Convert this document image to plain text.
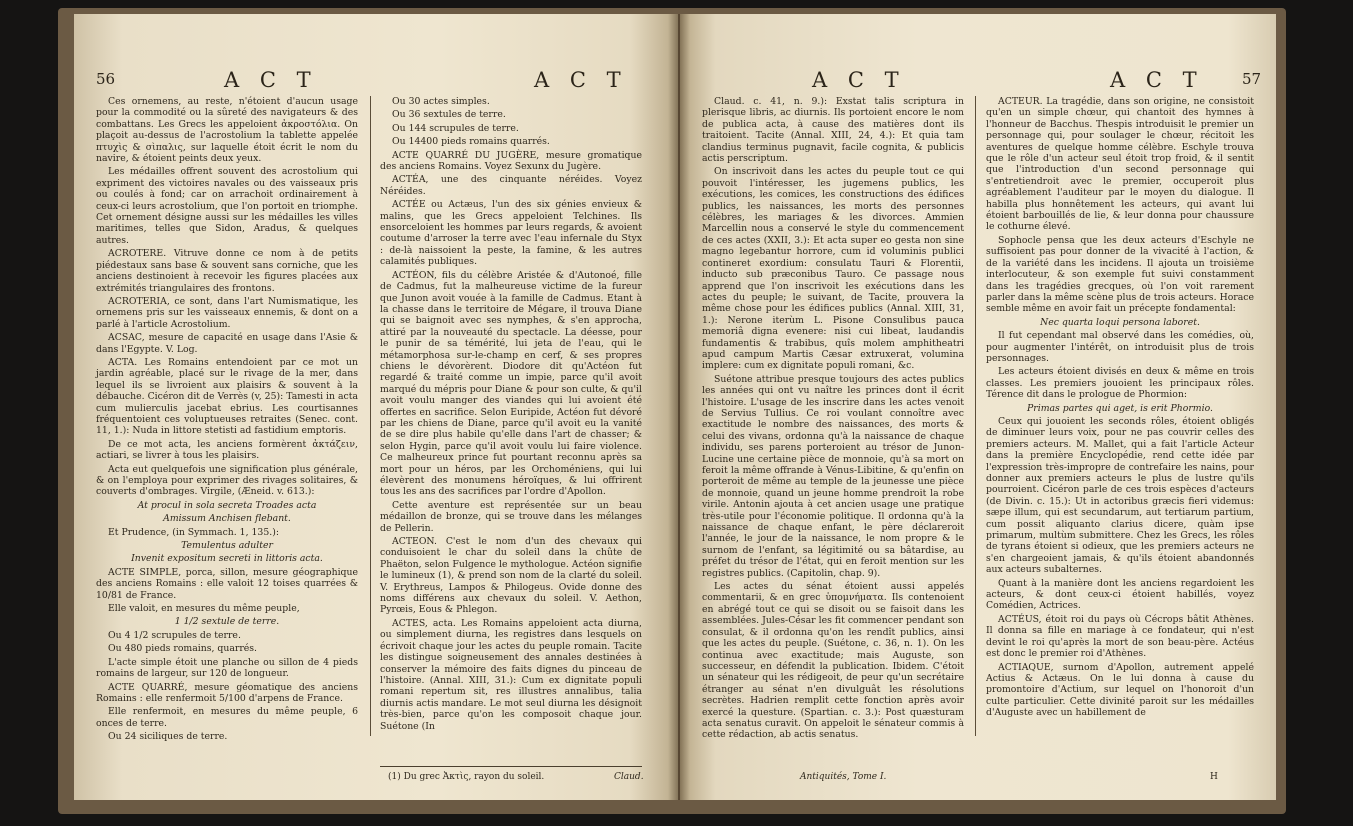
56	A C T	A C T

Ces ornemens, au reste, n'étoient d'aucun usage pour la commodité ou la sûreté des navigateurs & des combattans. Les Grecs les appeloient ἀκροστόλια. On plaçoit au-dessus de l'acrostolium la tablette appelée πτυχὶς & σὶπαλις, sur laquelle étoit écrit le nom du navire, & étoient peints deux yeux.

Les médailles offrent souvent des acrostolium qui expriment des victoires navales ou des vaisseaux pris ou coulés à fond; car on arrachoit ordinairement à ceux-ci leurs acrostolium, que l'on portoit en triomphe. Cet ornement désigne aussi sur les médailles les villes maritimes, telles que Sidon, Aradus, & quelques autres.

ACROTERE. Vitruve donne ce nom à de petits piédestaux sans base & souvent sans corniche, que les anciens destinoient à recevoir les figures placées aux extrémités triangulaires des frontons.

ACROTERIA, ce sont, dans l'art Numismatique, les ornemens pris sur les vaisseaux ennemis, & dont on a parlé à l'article Acrostolium.

ACSAC, mesure de capacité en usage dans l'Asie & dans l'Egypte. V. Log.

ACTA. Les Romains entendoient par ce mot un jardin agréable, placé sur le rivage de la mer, dans lequel ils se livroient aux plaisirs & souvent à la débauche. Cicéron dit de Verrès (v, 25): Tamesti in acta cum mulierculis jacebat ebrius. Les courtisannes fréquentoient ces voluptueuses retraites (Senec. cont. 11, 1.): Nuda in littore stetisti ad fastidium emptoris.

De ce mot acta, les anciens formèrent ἀκτάζειν, actiari, se livrer à tous les plaisirs.

Acta eut quelquefois une signification plus générale, & on l'employa pour exprimer des rivages solitaires, & couverts d'ombrages. Virgile, (Æneid. v. 613.):

At procul in sola secreta Troades acta

Amissum Anchisen flebant.

Et Prudence, (in Symmach. 1, 135.):

Temulentus adulter

Invenit expositum secreti in littoris acta.

ACTE SIMPLE, porca, sillon, mesure géographique des anciens Romains : elle valoit 12 toises quarrées & 10/81 de France.

Elle valoit, en mesures du même peuple,

1 1/2 sextule de terre.

Ou 4 1/2 scrupules de terre.

Ou 480 pieds romains, quarrés.

L'acte simple étoit une planche ou sillon de 4 pieds romains de largeur, sur 120 de longueur.

ACTE QUARRÉ, mesure géomatique des anciens Romains : elle renfermoit 5/100 d'arpens de France.

Elle renfermoit, en mesures du même peuple, 6 onces de terre.

Ou 24 siciliques de terre.

Ou 30 actes simples.

Ou 36 sextules de terre.

Ou 144 scrupules de terre.

Ou 14400 pieds romains quarrés.

ACTE QUARRÉ DU JUGÈRE, mesure gromatique des anciens Romains. Voyez Sexunx du Jugère.

ACTÉA, une des cinquante néréides. Voyez Néréides.

ACTÉE ou Actæus, l'un des six génies envieux & malins, que les Grecs appeloient Telchines. Ils ensorceloient les hommes par leurs regards, & avoient coutume d'arroser la terre avec l'eau infernale du Styx : de-là naissoient la peste, la famine, & les autres calamités publiques.

ACTÉON, fils du célèbre Aristée & d'Autonoé, fille de Cadmus, fut la malheureuse victime de la fureur que Junon avoit vouée à la famille de Cadmus. Etant à la chasse dans le territoire de Mégare, il trouva Diane qui se baignoit avec ses nymphes, & s'en approcha, attiré par la nouveauté du spectacle. La déesse, pour le punir de sa témérité, lui jeta de l'eau, qui le métamorphosa sur-le-champ en cerf, & ses propres chiens le dévorèrent. Diodore dit qu'Actéon fut regardé & traité comme un impie, parce qu'il avoit marqué du mépris pour Diane & pour son culte, & qu'il avoit voulu manger des viandes qui lui avoient été offertes en sacrifice. Selon Euripide, Actéon fut dévoré par les chiens de Diane, parce qu'il avoit eu la vanité de se dire plus habile qu'elle dans l'art de chasser; & selon Hygin, parce qu'il avoit voulu lui faire violence. Ce malheureux prince fut pourtant reconnu après sa mort pour un héros, par les Orchoméniens, qui lui élevèrent des monumens héroïques, & lui offrirent tous les ans des sacrifices par l'ordre d'Apollon.

Cette aventure est représentée sur un beau médaillon de bronze, qui se trouve dans les mélanges de Pellerin.

ACTEON. C'est le nom d'un des chevaux qui conduisoient le char du soleil dans la chûte de Phaëton, selon Fulgence le mythologue. Actéon signifie le lumineux (1), & prend son nom de la clarté du soleil. V. Erythreus, Lampos & Philogeus. Ovide donne des noms différens aux chevaux du soleil. V. Aethon, Pyrœis, Eous & Phlegon.

ACTES, acta. Les Romains appeloient acta diurna, ou simplement diurna, les registres dans lesquels on écrivoit chaque jour les actes du peuple romain. Tacite les distingue soigneusement des annales destinées à conserver la mémoire des faits dignes du pinceau de l'histoire. (Annal. XIII, 31.): Cum ex dignitate populi romani repertum sit, res illustres annalibus, talia diurnis actis mandare. Le mot seul diurna les désignoit très-bien, parce qu'on les composoit chaque jour. Suétone (In

(1) Du grec Ἀκτὶς, rayon du soleil.	Claud.
A C T	A C T	57

Claud. c. 41, n. 9.): Exstat talis scriptura in plerisque libris, ac diurnis. Ils portoient encore le nom de publica acta, à cause des matières dont ils traitoient. Tacite (Annal. XIII, 24, 4.): Et quia tam clandius terminus pugnavit, facile cognita, & publicis actis perscriptum.

On inscrivoit dans les actes du peuple tout ce qui pouvoit l'intéresser, les jugemens publics, les exécutions, les comices, les constructions des édifices publics, les naissances, les morts des personnes célèbres, les mariages & les divorces. Ammien Marcellin nous a conservé le style du commencement de ces actes (XXII, 3.): Et acta super eo gesta non sine magno legebantur horrore, cum id voluminis publici contineret exordium: consulatu Tauri & Florentii, inducto sub præconibus Tauro. Ce passage nous apprend que l'on inscrivoit les exécutions dans les actes du peuple; le suivant, de Tacite, prouvera la même chose pour les édifices publics (Annal. XIII, 31, 1.): Nerone iterùm L. Pisone Consulibus pauca memoriâ digna evenere: nisi cui libeat, laudandis fundamentis & trabibus, quîs molem amphitheatri apud campum Martis Cæsar extruxerat, volumina implere: cum ex dignitate populi romani, &c.

Suétone attribue presque toujours des actes publics les années qui ont vu naître les princes dont il écrit l'histoire. L'usage de les inscrire dans les actes venoit de Servius Tullius. Ce roi voulant connoître avec exactitude le nombre des naissances, des morts & celui des vivans, ordonna qu'à la naissance de chaque individu, ses parens porteroient au trésor de Junon-Lucine une certaine pièce de monnoie, qu'à sa mort on feroit la même offrande à Vénus-Libitine, & qu'enfin on porteroit de même au temple de la jeunesse une pièce de monnoie, quand un jeune homme prendroit la robe virile. Antonin ajouta à cet ancien usage une pratique très-utile pour l'économie politique. Il ordonna qu'à la naissance de chaque enfant, le père déclareroit l'année, le jour de la naissance, le nom propre & le surnom de l'enfant, sa légitimité ou sa bâtardise, au préfet du trésor de l'état, qui en feroit mention sur les registres publics. (Capitolin, chap. 9).

Les actes du sénat étoient aussi appelés commentarii, & en grec ὑπομνήματα. Ils contenoient en abrégé tout ce qui se disoit ou se faisoit dans les assemblées. Jules-César les fit commencer pendant son consulat, & il ordonna qu'on les rendît publics, ainsi que les actes du peuple. (Suétone, c. 36, n. 1). On les continua avec exactitude; mais Auguste, son successeur, en défendit la publication. Ibidem. C'étoit un sénateur qui les rédigeoit, de peur qu'un secrétaire étranger au sénat n'en divulguât les résolutions secrètes. Hadrien remplit cette fonction après avoir exercé la questure. (Spartian. c. 3.): Post quæsturam acta senatus curavit. On appeloit le sénateur commis à cette rédaction, ab actis senatus.

ACTEUR. La tragédie, dans son origine, ne consistoit qu'en un simple chœur, qui chantoit des hymnes à l'honneur de Bacchus. Thespis introduisit le premier un personnage qui, pour soulager le chœur, récitoit les aventures de quelque homme célèbre. Eschyle trouva que le rôle d'un acteur seul étoit trop froid, & il sentit que l'introduction d'un second personnage qui s'entretiendroit avec le premier, occuperoit plus agréablement l'auditeur par le moyen du dialogue. Il habilla plus honnêtement les acteurs, qui avant lui étoient barbouillés de lie, & leur donna pour chaussure le cothurne élevé.

Sophocle pensa que les deux acteurs d'Eschyle ne suffisoient pas pour donner de la vivacité à l'action, & de la variété dans les incidens. Il ajouta un troisième interlocuteur, & son exemple fut suivi constamment dans les tragédies grecques, où l'on voit rarement parler dans la même scène plus de trois acteurs. Horace semble même en avoir fait un précepte fondamental:

Nec quarta loqui persona laboret.

Il fut cependant mal observé dans les comédies, où, pour augmenter l'intérêt, on introduisit plus de trois personnages.

Les acteurs étoient divisés en deux & même en trois classes. Les premiers jouoient les principaux rôles. Térence dit dans le prologue de Phormion:

Primas partes qui aget, is erit Phormio.

Ceux qui jouoient les seconds rôles, étoient obligés de diminuer leurs voix, pour ne pas couvrir celles des premiers acteurs. M. Mallet, qui a fait l'article Acteur dans la première Encyclopédie, rend cette idée par l'expression très-impropre de contrefaire les nains, pour donner aux premiers acteurs le plus de lustre qu'ils pourroient. Cicéron parle de ces trois espèces d'acteurs (de Divin. c. 15.): Ut in actoribus græcis fieri videmus: sæpe illum, qui est secundarum, aut tertiarum partium, cum possit aliquanto clarius dicere, quàm ipse primarum, multùm submittere. Chez les Grecs, les rôles de tyrans étoient si odieux, que les premiers acteurs ne s'en chargeoient jamais, & qu'ils étoient abandonnés aux acteurs subalternes.

Quant à la manière dont les anciens regardoient les acteurs, & dont ceux-ci étoient habillés, voyez Comédien, Actrices.

ACTÉUS, étoit roi du pays où Cécrops bâtit Athènes. Il donna sa fille en mariage à ce fondateur, qui n'est devint le roi qu'après la mort de son beau-père. Actéus est donc le premier roi d'Athènes.

ACTIAQUE, surnom d'Apollon, autrement appelé Actius & Actæus. On le lui donna à cause du promontoire d'Actium, sur lequel on l'honoroit d'un culte particulier. Cette divinité paroit sur les médailles d'Auguste avec un habillement de

Antiquités, Tome I.	H
